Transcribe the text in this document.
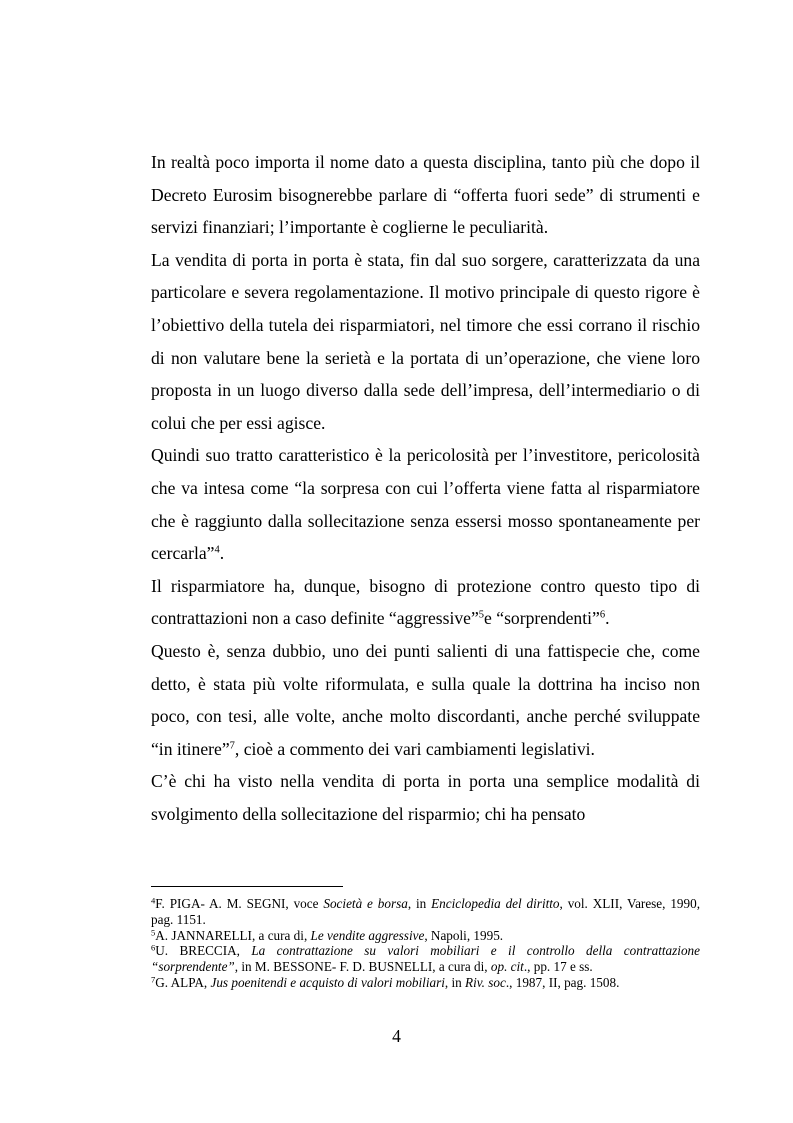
In realtà poco importa il nome dato a questa disciplina, tanto più che dopo il Decreto Eurosim bisognerebbe parlare di “offerta fuori sede” di strumenti e servizi finanziari; l’importante è coglierne le peculiarità.

La vendita di porta in porta è stata, fin dal suo sorgere, caratterizzata da una particolare e severa regolamentazione. Il motivo principale di questo rigore è l’obiettivo della tutela dei risparmiatori, nel timore che essi corrano il rischio di non valutare bene la serietà e la portata di un’operazione, che viene loro proposta in un luogo diverso dalla sede dell’impresa, dell’intermediario o di colui che per essi agisce.

Quindi suo tratto caratteristico è la pericolosità per l’investitore, pericolosità che va intesa come “la sorpresa con cui l’offerta viene fatta al risparmiatore che è raggiunto dalla sollecitazione senza essersi mosso spontaneamente per cercarla”$^4$.

Il risparmiatore ha, dunque, bisogno di protezione contro questo tipo di contrattazioni non a caso definite “aggressive”$^5$e “sorprendenti”$^6$.

Questo è, senza dubbio, uno dei punti salienti di una fattispecie che, come detto, è stata più volte riformulata, e sulla quale la dottrina ha inciso non poco, con tesi, alle volte, anche molto discordanti, anche perché sviluppate “in itinere”$^7$, cioè a commento dei vari cambiamenti legislativi.

C’è chi ha visto nella vendita di porta in porta una semplice modalità di svolgimento della sollecitazione del risparmio; chi ha pensato

$^4$F. PIGA- A. M. SEGNI, voce Società e borsa, in Enciclopedia del diritto, vol. XLII, Varese, 1990, pag. 1151.

$^5$A. JANNARELLI, a cura di, Le vendite aggressive, Napoli, 1995.

$^6$U. BRECCIA, La contrattazione su valori mobiliari e il controllo della contrattazione “sorprendente”, in M. BESSONE- F. D. BUSNELLI, a cura di, op. cit., pp. 17 e ss.

$^7$G. ALPA, Jus poenitendi e acquisto di valori mobiliari, in Riv. soc., 1987, II, pag. 1508.

4
